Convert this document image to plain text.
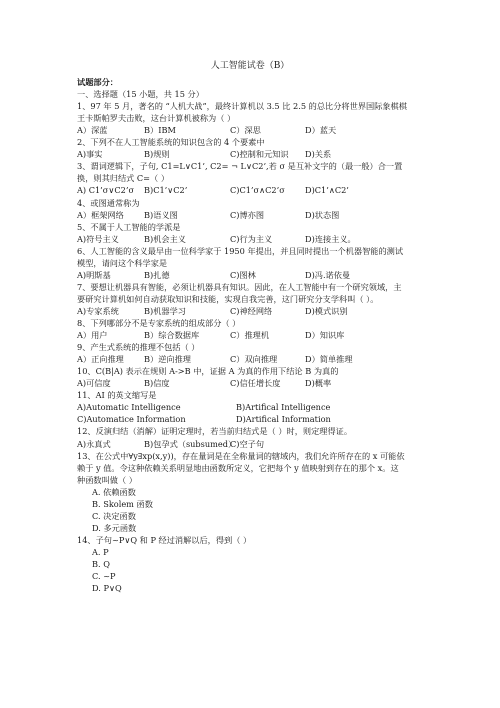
人工智能试卷（B）
试题部分：
一、选择题（15 小题，共 15 分）
1、97 年 5 月，著名的 “人机大战”，最终计算机以 3.5 比 2.5 的总比分将世界国际象棋棋
王卡斯帕罗夫击败，这台计算机被称为（ ）
A）深蓝	B）IBM	C）深思	D）蓝天
2、下列不在人工智能系统的知识包含的 4 个要素中
A)事实	B)规则	C)控制和元知识 D)关系
3、谓词逻辑下，子句, C1=L∨C1’, C2= ¬ L∨C2’,若 σ 是互补文字的（最一般）合一置
换，则其归结式 C=（ ）
A) C1’σ∨C2’σ B)C1’∨C2’	C)C1’σ∧C2’σ D)C1’∧C2’
4、或图通常称为
A）框架网络 B)语义图	C)博亦图	D)状态图
5、不属于人工智能的学派是
A)符号主义	B)机会主义	C)行为主义	D)连接主义。
6、人工智能的含义最早由一位科学家于 1950 年提出，并且同时提出一个机器智能的测试
模型，请问这个科学家是
A)明斯基	B)扎德	C)图林	D)冯.诺依曼
7、要想让机器具有智能，必须让机器具有知识。因此，在人工智能中有一个研究领域，主
要研究计算机如何自动获取知识和技能，实现自我完善，这门研究分支学科叫（ ）。
A)专家系统	B)机器学习	C)神经网络	D)模式识别
8、下列哪部分不是专家系统的组成部分（ ）
A）用户	B）综合数据库	C）推理机	D）知识库
9、产生式系统的推理不包括（ ）
A）正向推理 B）逆向推理	C）双向推理	D）简单推理
10、C(B|A) 表示在规则 A->B 中，证据 A 为真的作用下结论 B 为真的
A)可信度	B)信度	C)信任增长度	D)概率
11、AI 的英文缩写是
A)Automatic Intelligence	B)Artifical Intelligence
C)Automatice Information	D)Artifical Information
12、反演归结（消解）证明定理时，若当前归结式是（ ）时，则定理得证。
A)永真式	B)包孕式（subsumed）
C)空子句
13、在公式中∀y∃xp(x,y))，存在量词是在全称量词的辖域内，我们允许所存在的 x 可能依
赖于 y 值。令这种依赖关系明显地由函数所定义，它把每个 y 值映射到存在的那个 x。这
种函数叫做（ ）
A. 依赖函数
B. Skolem 函数
C. 决定函数
D. 多元函数
14、子句~P∨Q 和 P 经过消解以后，得到（ ）
A. P
B. Q
C. ~P
D. P∨Q
